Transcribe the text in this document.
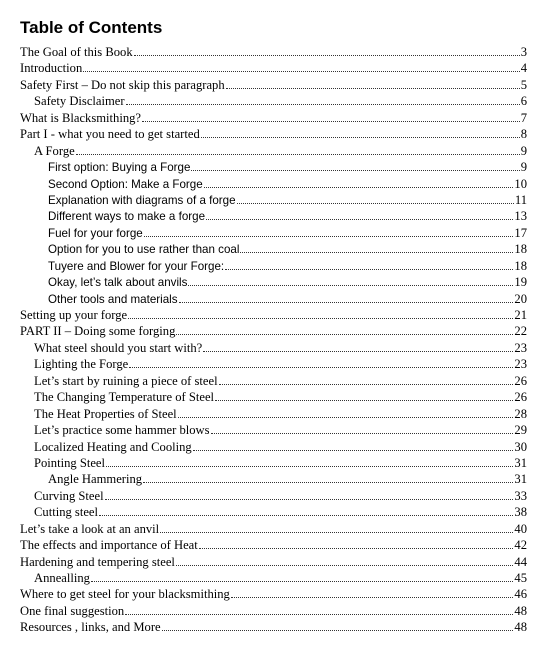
Table of Contents
The Goal of this Book	3
Introduction	4
Safety First – Do not skip this paragraph	5
Safety Disclaimer	6
What is Blacksmithing?	7
Part I - what you need to get started	8
A Forge	9
First option: Buying a Forge	9
Second Option: Make a Forge	10
Explanation with diagrams of a forge	11
Different ways to make a forge	13
Fuel for your forge	17
Option for you to use rather than coal	18
Tuyere and Blower for your Forge:	18
Okay, let’s talk about anvils	19
Other tools and materials	20
Setting up your forge	21
PART II – Doing some forging	22
What steel should you start with?	23
Lighting the Forge	23
Let’s start by ruining a piece of steel	26
The Changing Temperature of Steel	26
The Heat Properties of Steel	28
Let’s practice some hammer blows	29
Localized Heating and Cooling	30
Pointing Steel	31
Angle Hammering	31
Curving Steel	33
Cutting steel	38
Let’s take a look at an anvil	40
The effects and importance of Heat	42
Hardening and tempering steel	44
Annealling	45
Where to get steel for your blacksmithing	46
One final suggestion	48
Resources , links, and More	48
